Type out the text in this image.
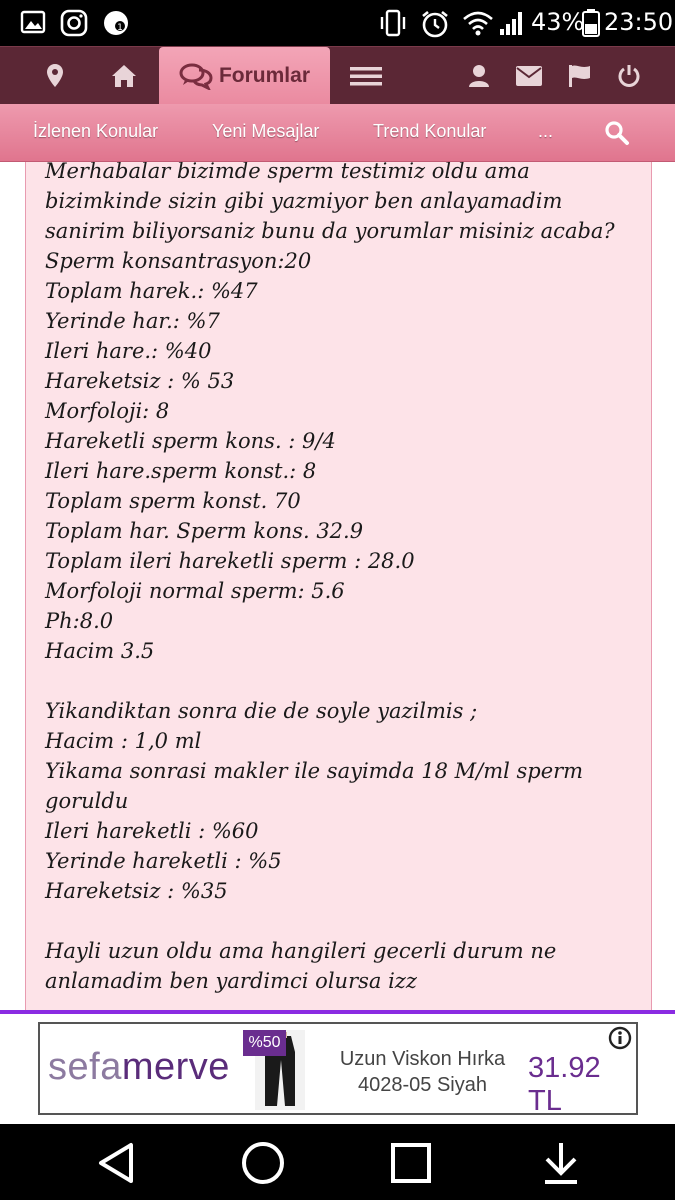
1	43% 23:50
Forumlar
İzlenen Konular	Yeni Mesajlar	Trend Konular	...
Merhabalar bizimde sperm testimiz oldu ama
bizimkinde sizin gibi yazmiyor ben anlayamadim
sanirim biliyorsaniz bunu da yorumlar misiniz acaba?
Sperm konsantrasyon:20
Toplam harek.: %47
Yerinde har.: %7
Ileri hare.: %40
Hareketsiz : % 53
Morfoloji: 8
Hareketli sperm kons. : 9/4
Ileri hare.sperm konst.: 8
Toplam sperm konst. 70
Toplam har. Sperm kons. 32.9
Toplam ileri hareketli sperm : 28.0
Morfoloji normal sperm: 5.6
Ph:8.0
Hacim 3.5
Yikandiktan sonra die de soyle yazilmis ;
Hacim : 1,0 ml
Yikama sonrasi makler ile sayimda 18 M/ml sperm
goruldu
Ileri hareketli : %60
Yerinde hareketli : %5
Hareketsiz : %35
Hayli uzun oldu ama hangileri gecerli durum ne
anlamadim ben yardimci olursa izz
sefamerve
%50
Uzun Viskon Hırka
4028-05 Siyah
31.92 TL
